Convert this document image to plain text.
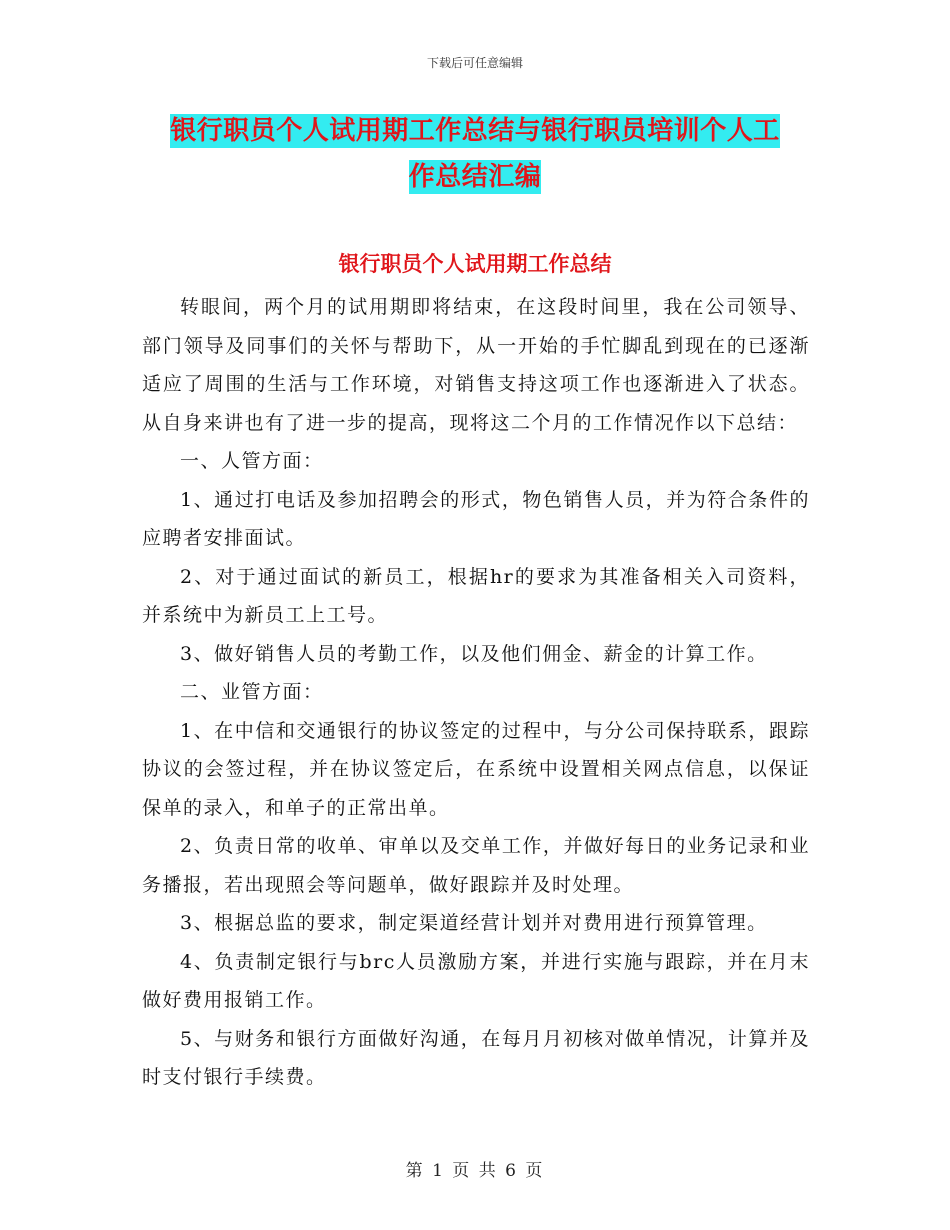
下载后可任意编辑
银行职员个人试用期工作总结与银行职员培训个人工
作总结汇编
银行职员个人试用期工作总结

转眼间，两个月的试用期即将结束，在这段时间里，我在公司领导、部门领导及同事们的关怀与帮助下，从一开始的手忙脚乱到现在的已逐渐适应了周围的生活与工作环境，对销售支持这项工作也逐渐进入了状态。从自身来讲也有了进一步的提高，现将这二个月的工作情况作以下总结：

一、人管方面：

1、通过打电话及参加招聘会的形式，物色销售人员，并为符合条件的应聘者安排面试。

2、对于通过面试的新员工，根据hr的要求为其准备相关入司资料，并系统中为新员工上工号。

3、做好销售人员的考勤工作，以及他们佣金、薪金的计算工作。

二、业管方面：

1、在中信和交通银行的协议签定的过程中，与分公司保持联系，跟踪协议的会签过程，并在协议签定后，在系统中设置相关网点信息，以保证保单的录入，和单子的正常出单。

2、负责日常的收单、审单以及交单工作，并做好每日的业务记录和业务播报，若出现照会等问题单，做好跟踪并及时处理。

3、根据总监的要求，制定渠道经营计划并对费用进行预算管理。

4、负责制定银行与brc人员激励方案，并进行实施与跟踪，并在月末做好费用报销工作。

5、与财务和银行方面做好沟通，在每月月初核对做单情况，计算并及时支付银行手续费。

第 1 页 共 6 页
